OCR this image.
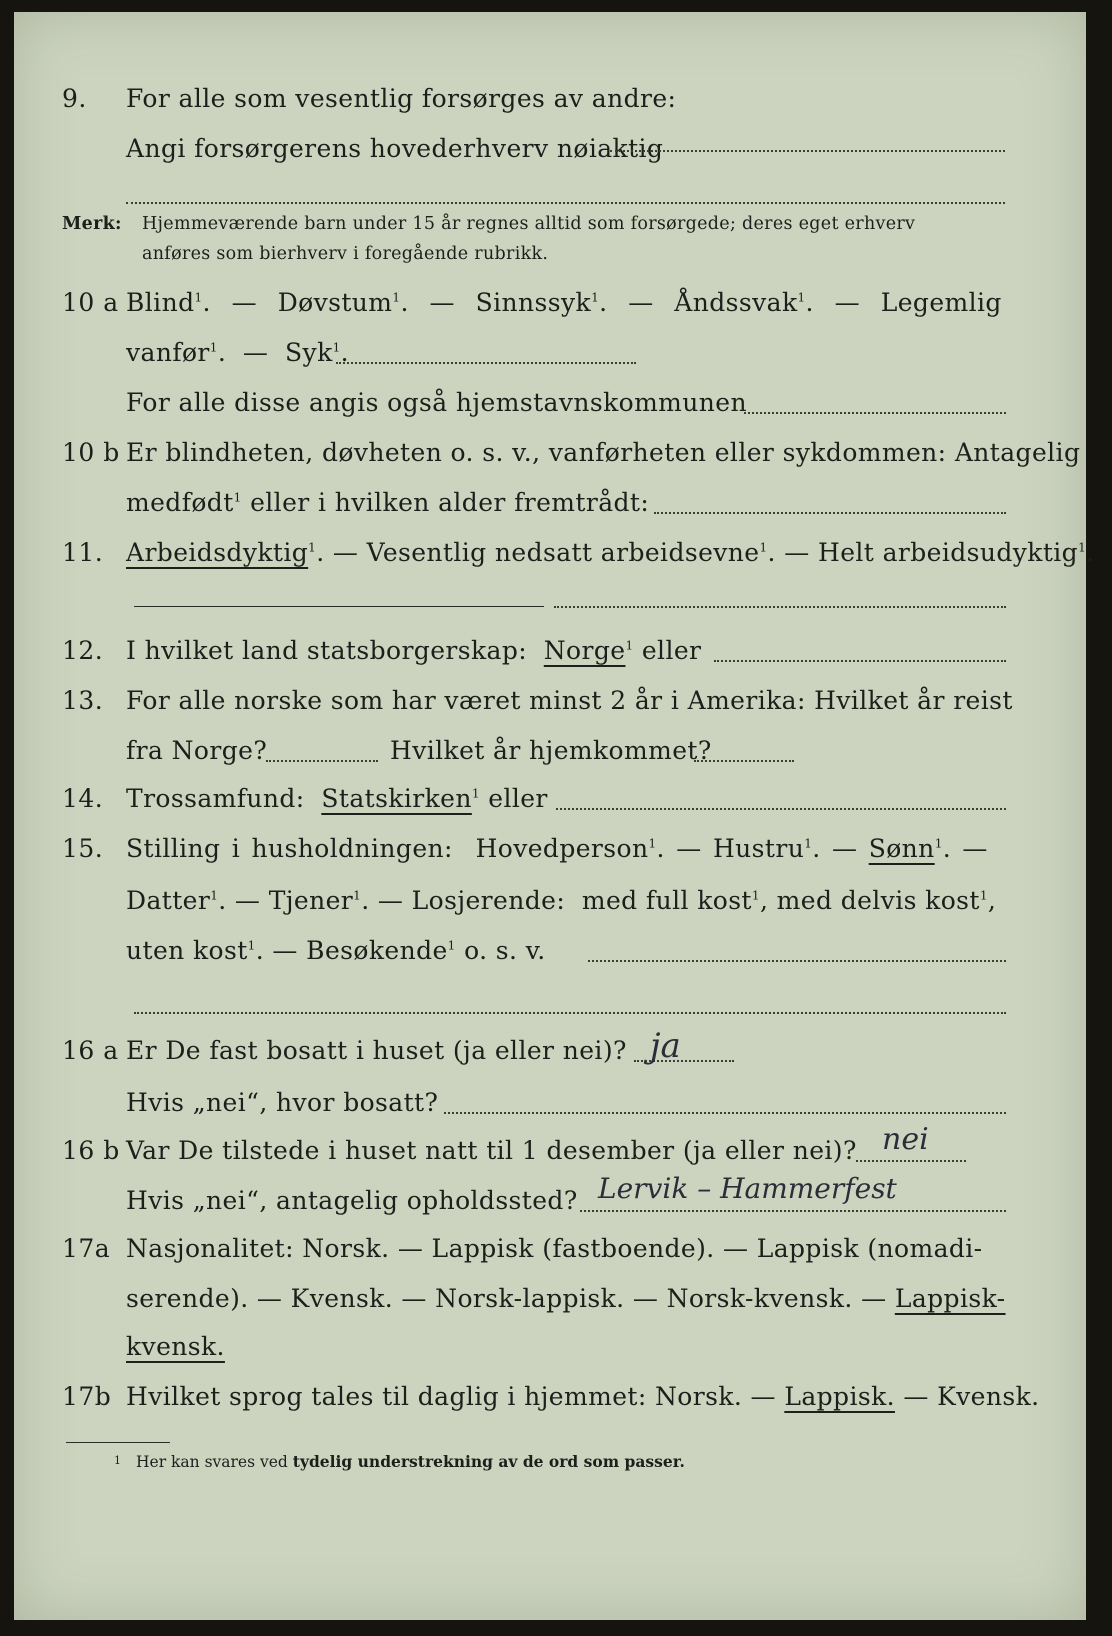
9. For alle som vesentlig forsørges av andre:
Angi forsørgerens hovederhverv nøiaktig
Merk: Hjemmeværende barn under 15 år regnes alltid som forsørgede; deres eget erhverv
anføres som bierhverv i foregående rubrikk.
10 a Blind$^1$. — Døvstum$^1$. — Sinnssyk$^1$. — Åndssvak$^1$. — Legemlig
vanfør$^1$. — Syk$^1$.
For alle disse angis også hjemstavnskommunen
10 b Er blindheten, døvheten o. s. v., vanførheten eller sykdommen: Antagelig
medfødt$^1$ eller i hvilken alder fremtrådt:
11. Arbeidsdyktig$^1$. — Vesentlig nedsatt arbeidsevne$^1$. — Helt arbeidsudyktig$^1$.
12. I hvilket land statsborgerskap: Norge$^1$ eller
13. For alle norske som har været minst 2 år i Amerika: Hvilket år reist
fra Norge?	Hvilket år hjemkommet?
14. Trossamfund: Statskirken$^1$ eller
15. Stilling i husholdningen: Hovedperson$^1$. — Hustru$^1$. — Sønn$^1$. —
Datter$^1$. — Tjener$^1$. — Losjerende: med full kost$^1$, med delvis kost$^1$,
uten kost$^1$. — Besøkende$^1$ o. s. v.
16 a Er De fast bosatt i huset (ja eller nei)? ja
Hvis „nei“, hvor bosatt?
16 b Var De tilstede i huset natt til 1 desember (ja eller nei)? nei
Hvis „nei“, antagelig opholdssted? Lervik – Hammerfest
17a Nasjonalitet: Norsk. — Lappisk (fastboende). — Lappisk (nomadi-
serende). — Kvensk. — Norsk-lappisk. — Norsk-kvensk. — Lappisk-
kvensk.
17b Hvilket sprog tales til daglig i hjemmet: Norsk. — Lappisk. — Kvensk.
1 Her kan svares ved tydelig understrekning av de ord som passer.
